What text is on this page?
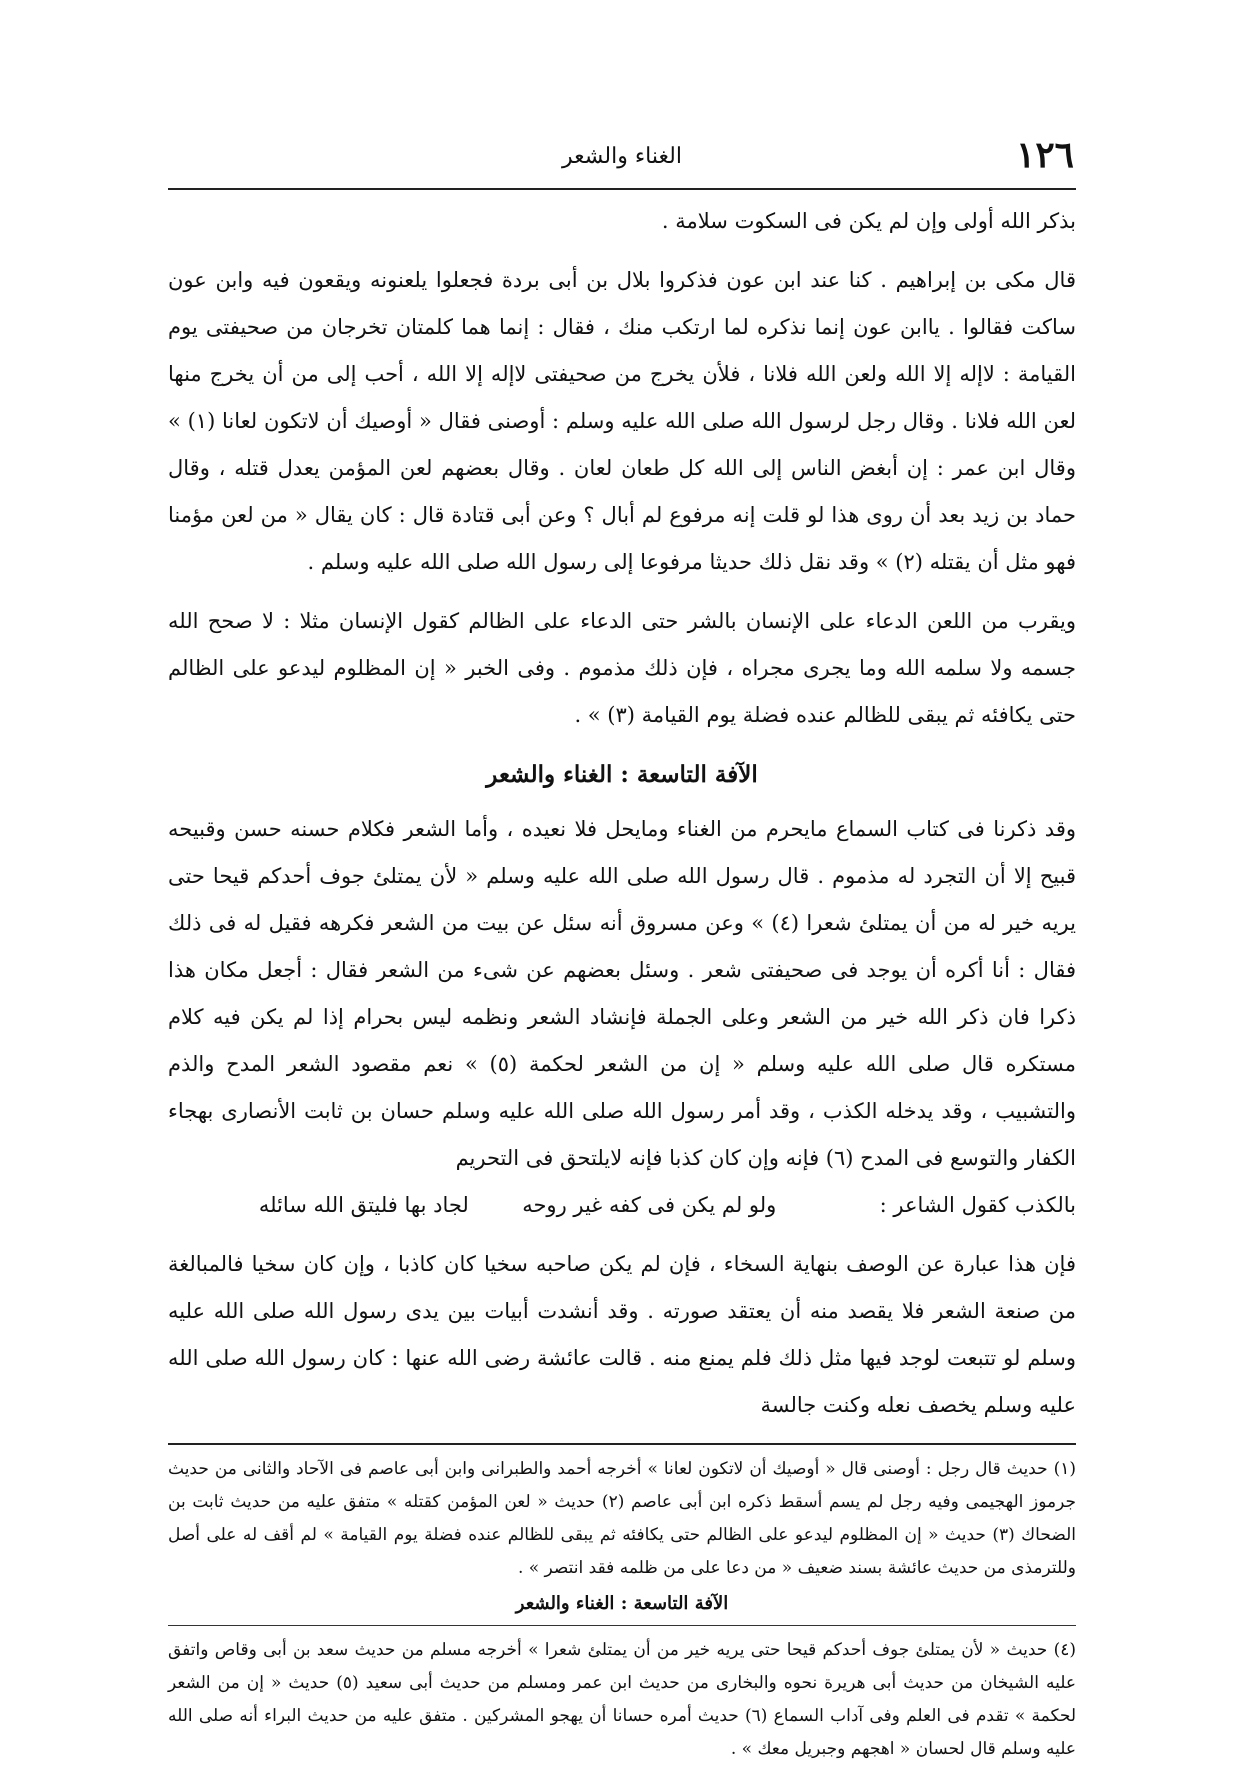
١٢٦
الغناء والشعر

بذكر الله أولى وإن لم يكن فى السكوت سلامة .

قال مكى بن إبراهيم . كنا عند ابن عون فذكروا بلال بن أبى بردة فجعلوا يلعنونه ويقعون فيه وابن عون ساكت فقالوا . ياابن عون إنما نذكره لما ارتكب منك ، فقال : إنما هما كلمتان تخرجان من صحيفتى يوم القيامة : لاإله إلا الله ولعن الله فلانا ، فلأن يخرج من صحيفتى لاإله إلا الله ، أحب إلى من أن يخرج منها لعن الله فلانا . وقال رجل لرسول الله صلى الله عليه وسلم : أوصنى فقال « أوصيك أن لاتكون لعانا (١) » وقال ابن عمر : إن أبغض الناس إلى الله كل طعان لعان . وقال بعضهم لعن المؤمن يعدل قتله ، وقال حماد بن زيد بعد أن روى هذا لو قلت إنه مرفوع لم أبال ؟ وعن أبى قتادة قال : كان يقال « من لعن مؤمنا فهو مثل أن يقتله (٢) » وقد نقل ذلك حديثا مرفوعا إلى رسول الله صلى الله عليه وسلم .

ويقرب من اللعن الدعاء على الإنسان بالشر حتى الدعاء على الظالم كقول الإنسان مثلا : لا صحح الله جسمه ولا سلمه الله وما يجرى مجراه ، فإن ذلك مذموم . وفى الخبر « إن المظلوم ليدعو على الظالم حتى يكافئه ثم يبقى للظالم عنده فضلة يوم القيامة (٣) » .

الآفة التاسعة : الغناء والشعر

وقد ذكرنا فى كتاب السماع مايحرم من الغناء ومايحل فلا نعيده ، وأما الشعر فكلام حسنه حسن وقبيحه قبيح إلا أن التجرد له مذموم . قال رسول الله صلى الله عليه وسلم « لأن يمتلئ جوف أحدكم قيحا حتى يريه خير له من أن يمتلئ شعرا (٤) » وعن مسروق أنه سئل عن بيت من الشعر فكرهه فقيل له فى ذلك فقال : أنا أكره أن يوجد فى صحيفتى شعر . وسئل بعضهم عن شىء من الشعر فقال : أجعل مكان هذا ذكرا فان ذكر الله خير من الشعر وعلى الجملة فإنشاد الشعر ونظمه ليس بحرام إذا لم يكن فيه كلام مستكره قال صلى الله عليه وسلم « إن من الشعر لحكمة (٥) » نعم مقصود الشعر المدح والذم والتشبيب ، وقد يدخله الكذب ، وقد أمر رسول الله صلى الله عليه وسلم حسان بن ثابت الأنصارى بهجاء الكفار والتوسع فى المدح (٦) فإنه وإن كان كذبا فإنه لايلتحق فى التحريم

بالكذب كقول الشاعر :  ولو لم يكن فى كفه غير روحه  لجاد بها فليتق الله سائله

فإن هذا عبارة عن الوصف بنهاية السخاء ، فإن لم يكن صاحبه سخيا كان كاذبا ، وإن كان سخيا فالمبالغة من صنعة الشعر فلا يقصد منه أن يعتقد صورته . وقد أنشدت أبيات بين يدى رسول الله صلى الله عليه وسلم لو تتبعت لوجد فيها مثل ذلك فلم يمنع منه . قالت عائشة رضى الله عنها : كان رسول الله صلى الله عليه وسلم يخصف نعله وكنت جالسة

(١) حديث قال رجل : أوصنى قال « أوصيك أن لاتكون لعانا » أخرجه أحمد والطبرانى وابن أبى عاصم فى الآحاد والثانى من حديث جرموز الهجيمى وفيه رجل لم يسم أسقط ذكره ابن أبى عاصم (٢) حديث « لعن المؤمن كقتله » متفق عليه من حديث ثابت بن الضحاك (٣) حديث « إن المظلوم ليدعو على الظالم حتى يكافئه ثم يبقى للظالم عنده فضلة يوم القيامة » لم أقف له على أصل وللترمذى من حديث عائشة بسند ضعيف « من دعا على من ظلمه فقد انتصر » .

الآفة التاسعة : الغناء والشعر

(٤) حديث « لأن يمتلئ جوف أحدكم قيحا حتى يريه خير من أن يمتلئ شعرا » أخرجه مسلم من حديث سعد بن أبى وقاص واتفق عليه الشيخان من حديث أبى هريرة نحوه والبخارى من حديث ابن عمر ومسلم من حديث أبى سعيد (٥) حديث « إن من الشعر لحكمة » تقدم فى العلم وفى آداب السماع (٦) حديث أمره حسانا أن يهجو المشركين . متفق عليه من حديث البراء أنه صلى الله عليه وسلم قال لحسان « اهجهم وجبريل معك » .
